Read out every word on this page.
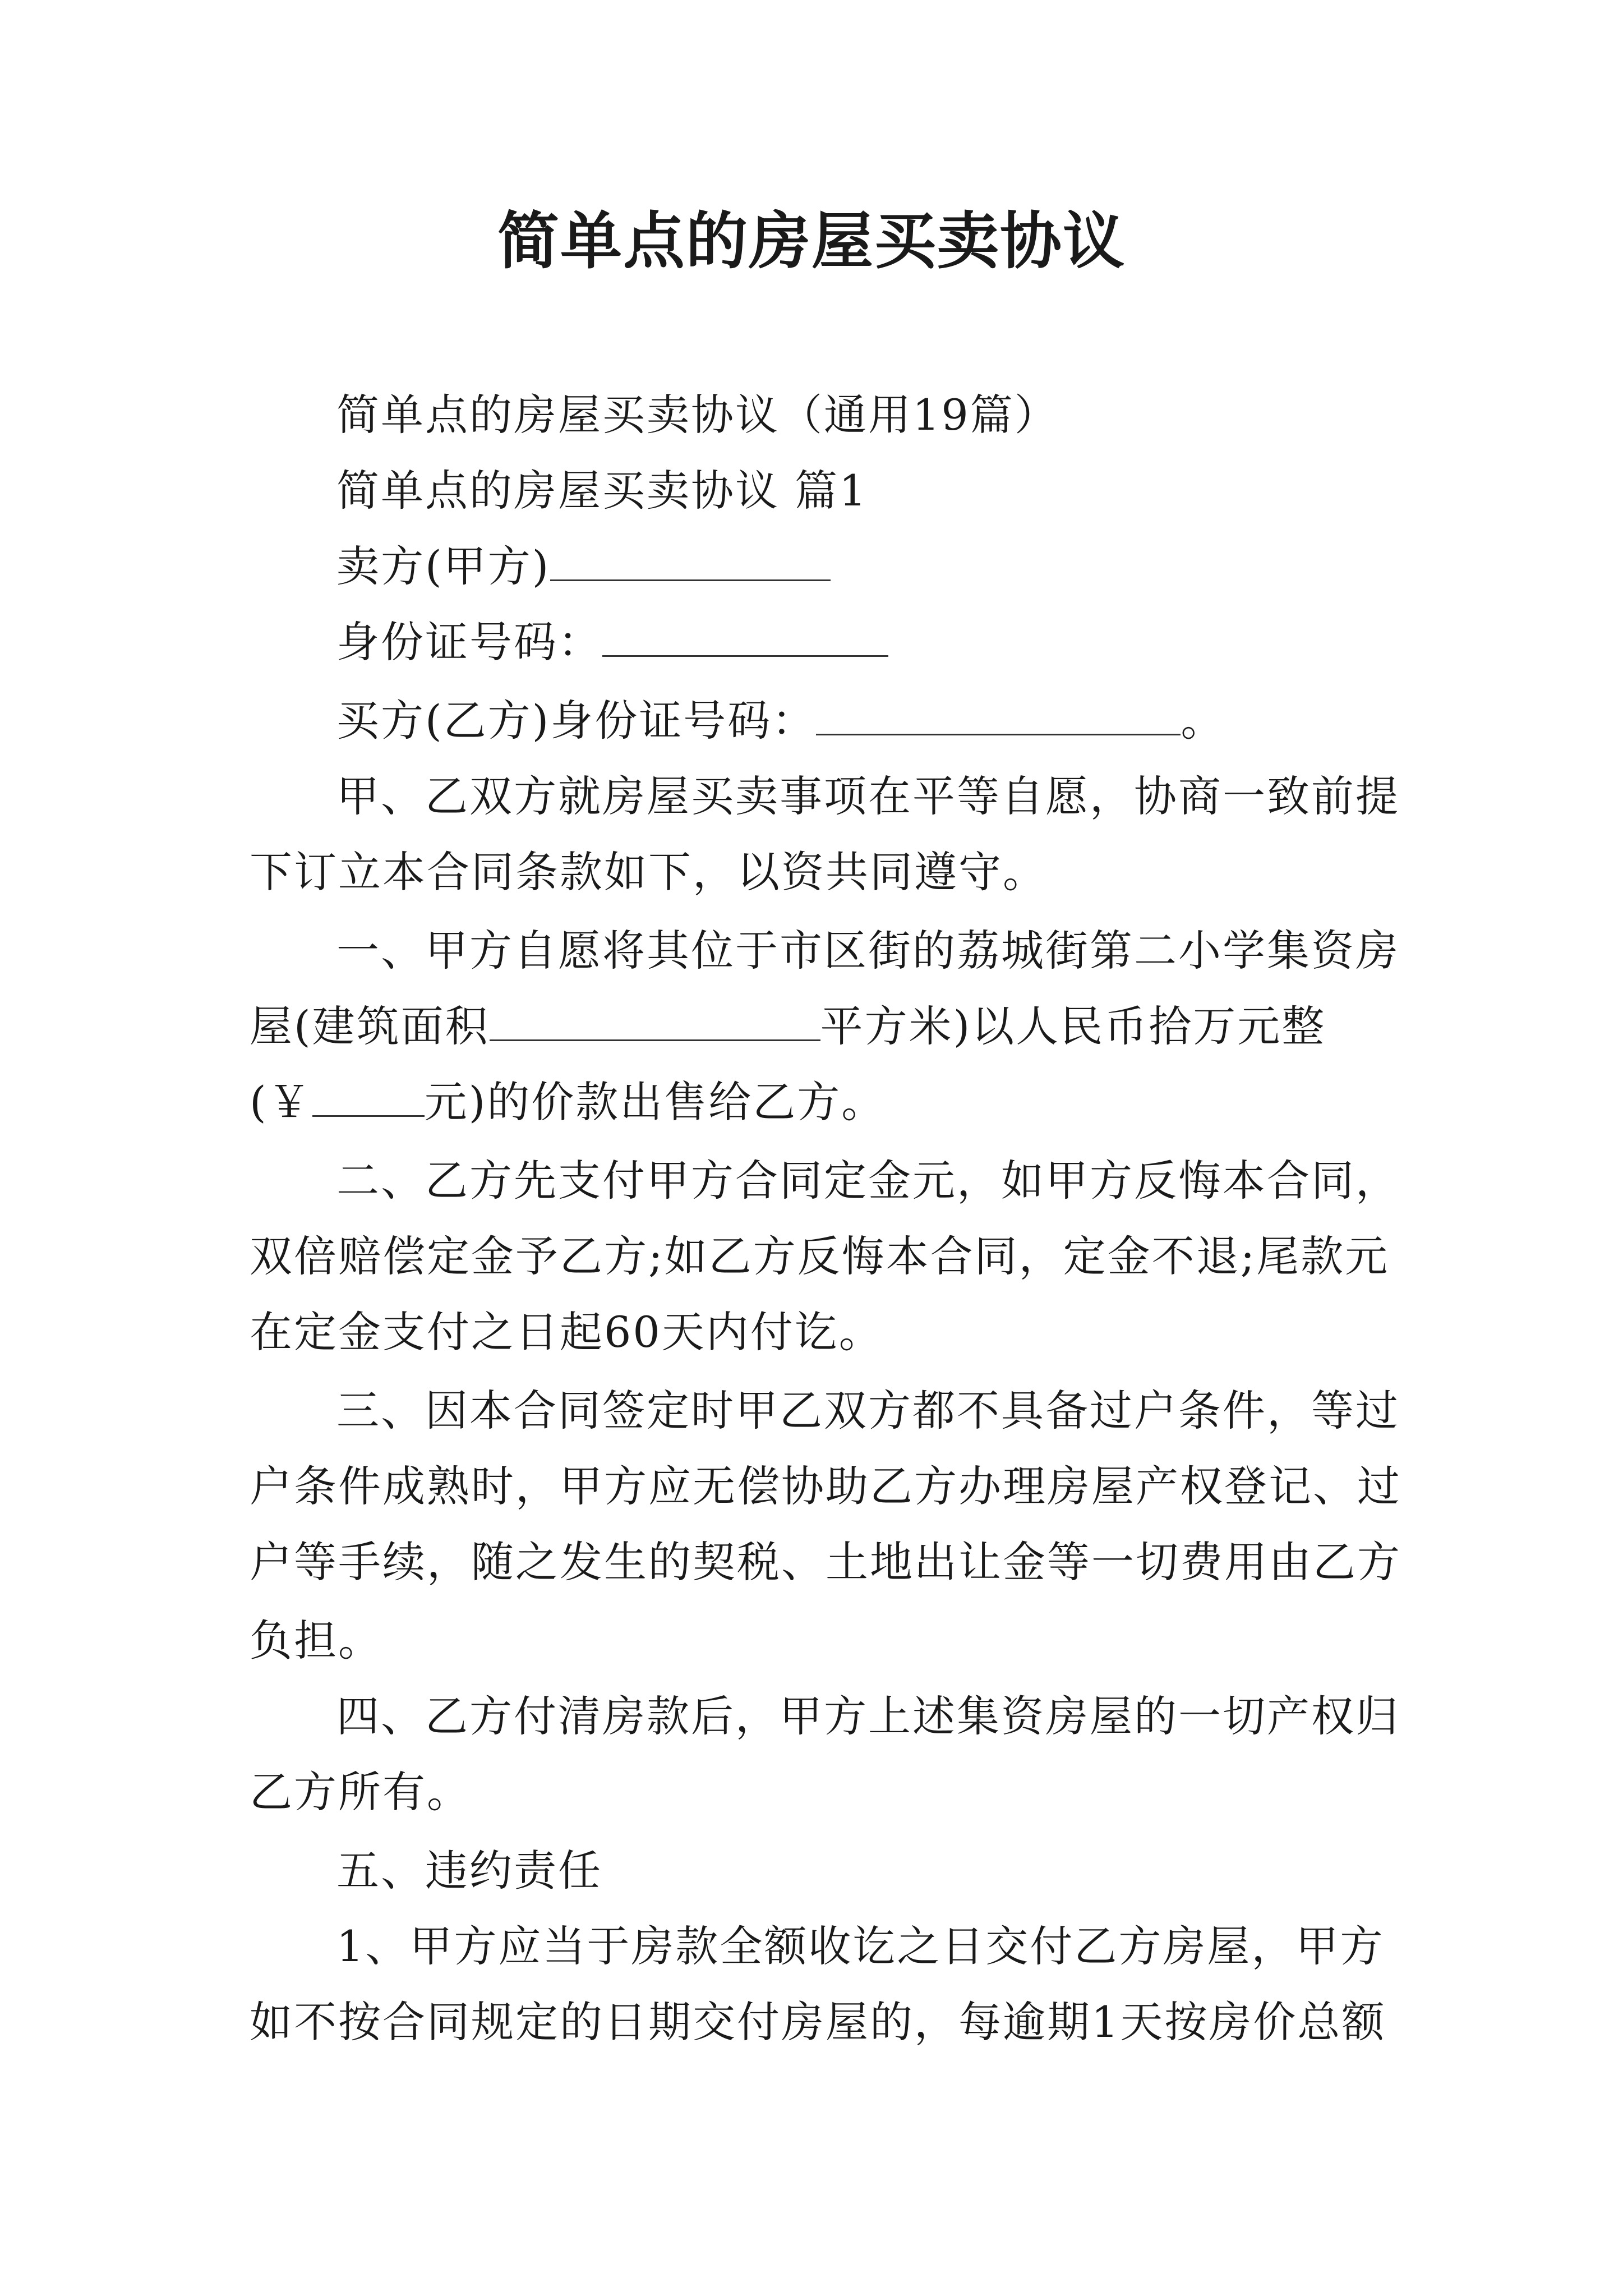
简单点的房屋买卖协议

简单点的房屋买卖协议（通用19篇）

简单点的房屋买卖协议 篇1

卖方(甲方)

身份证号码：

买方(乙方)身份证号码：	。

甲、乙双方就房屋买卖事项在平等自愿，协商一致前提

下订立本合同条款如下，以资共同遵守。

一、甲方自愿将其位于市区街的荔城街第二小学集资房

屋(建筑面积	平方米)以人民币拾万元整

(￥	元)的价款出售给乙方。

二、乙方先支付甲方合同定金元，如甲方反悔本合同，

双倍赔偿定金予乙方;如乙方反悔本合同，定金不退;尾款元

在定金支付之日起60天内付讫。

三、因本合同签定时甲乙双方都不具备过户条件，等过

户条件成熟时，甲方应无偿协助乙方办理房屋产权登记、过

户等手续，随之发生的契税、土地出让金等一切费用由乙方

负担。

四、乙方付清房款后，甲方上述集资房屋的一切产权归

乙方所有。

五、违约责任

1、甲方应当于房款全额收讫之日交付乙方房屋，甲方

如不按合同规定的日期交付房屋的，每逾期1天按房价总额
